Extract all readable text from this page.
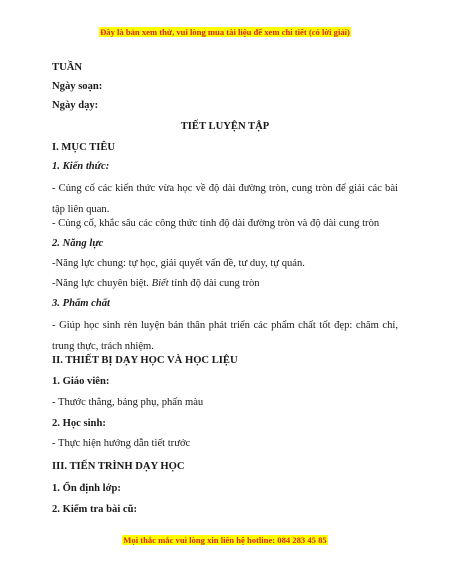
Đây là bản xem thử, vui lòng mua tài liệu để xem chi tiết (có lời giải)
TUẦN
Ngày soạn:
Ngày dạy:
TIẾT LUYỆN TẬP
I. MỤC TIÊU
1. Kiến thức:
- Củng cố các kiến thức vừa học về độ dài đường tròn, cung tròn để giải các bài tập liên quan.
- Củng cố, khắc sâu các công thức tính độ dài đường tròn và độ dài cung tròn
2. Năng lực
-Năng lực chung: tự học, giải quyết vấn đề, tư duy, tự quản.
-Năng lực chuyên biệt. Biết tính độ dài cung tròn
3. Phẩm chất
- Giúp học sinh rèn luyện bản thân phát triển các phẩm chất tốt đẹp: chăm chỉ, trung thực, trách nhiệm.
II. THIẾT BỊ DẠY HỌC VÀ HỌC LIỆU
1. Giáo viên:
- Thước thẳng, bảng phụ, phấn màu
2. Học sinh:
- Thực hiện hướng dẫn tiết trước
III. TIẾN TRÌNH DẠY HỌC
1. Ổn định lớp:
2. Kiểm tra bài cũ:
Mọi thắc mắc vui lòng xin liên hệ hotline: 084 283 45 85
